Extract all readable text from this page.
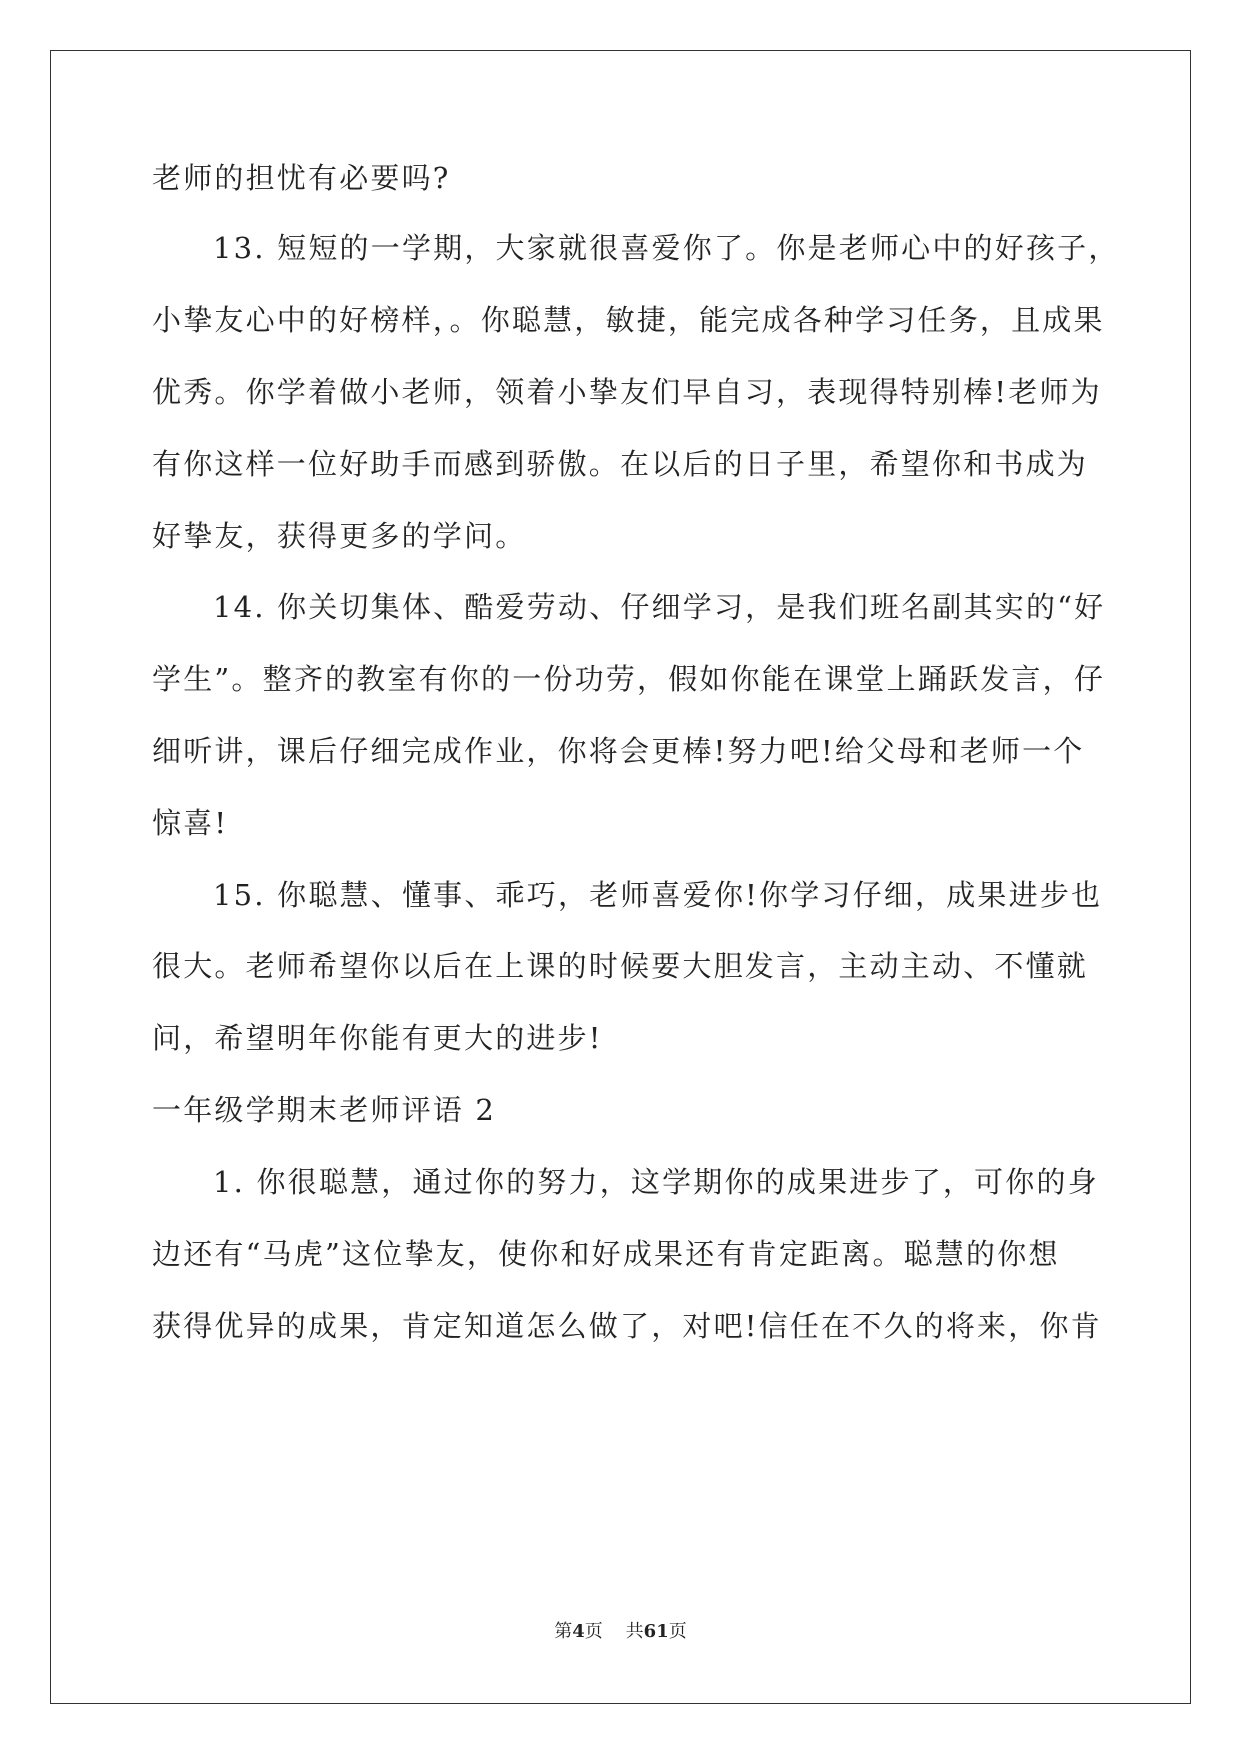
老师的担忧有必要吗?
13. 短短的一学期，大家就很喜爱你了。你是老师心中的好孩子，
小挚友心中的好榜样，。你聪慧，敏捷，能完成各种学习任务，且成果
优秀。你学着做小老师，领着小挚友们早自习，表现得特别棒!老师为
有你这样一位好助手而感到骄傲。在以后的日子里，希望你和书成为
好挚友，获得更多的学问。
14. 你关切集体、酷爱劳动、仔细学习，是我们班名副其实的“好
学生”。整齐的教室有你的一份功劳，假如你能在课堂上踊跃发言，仔
细听讲，课后仔细完成作业，你将会更棒!努力吧!给父母和老师一个
惊喜!
15. 你聪慧、懂事、乖巧，老师喜爱你!你学习仔细，成果进步也
很大。老师希望你以后在上课的时候要大胆发言，主动主动、不懂就
问，希望明年你能有更大的进步!
一年级学期末老师评语 2
1. 你很聪慧，通过你的努力，这学期你的成果进步了，可你的身
边还有“马虎”这位挚友，使你和好成果还有肯定距离。聪慧的你想
获得优异的成果，肯定知道怎么做了，对吧!信任在不久的将来，你肯
第4页 共61页
